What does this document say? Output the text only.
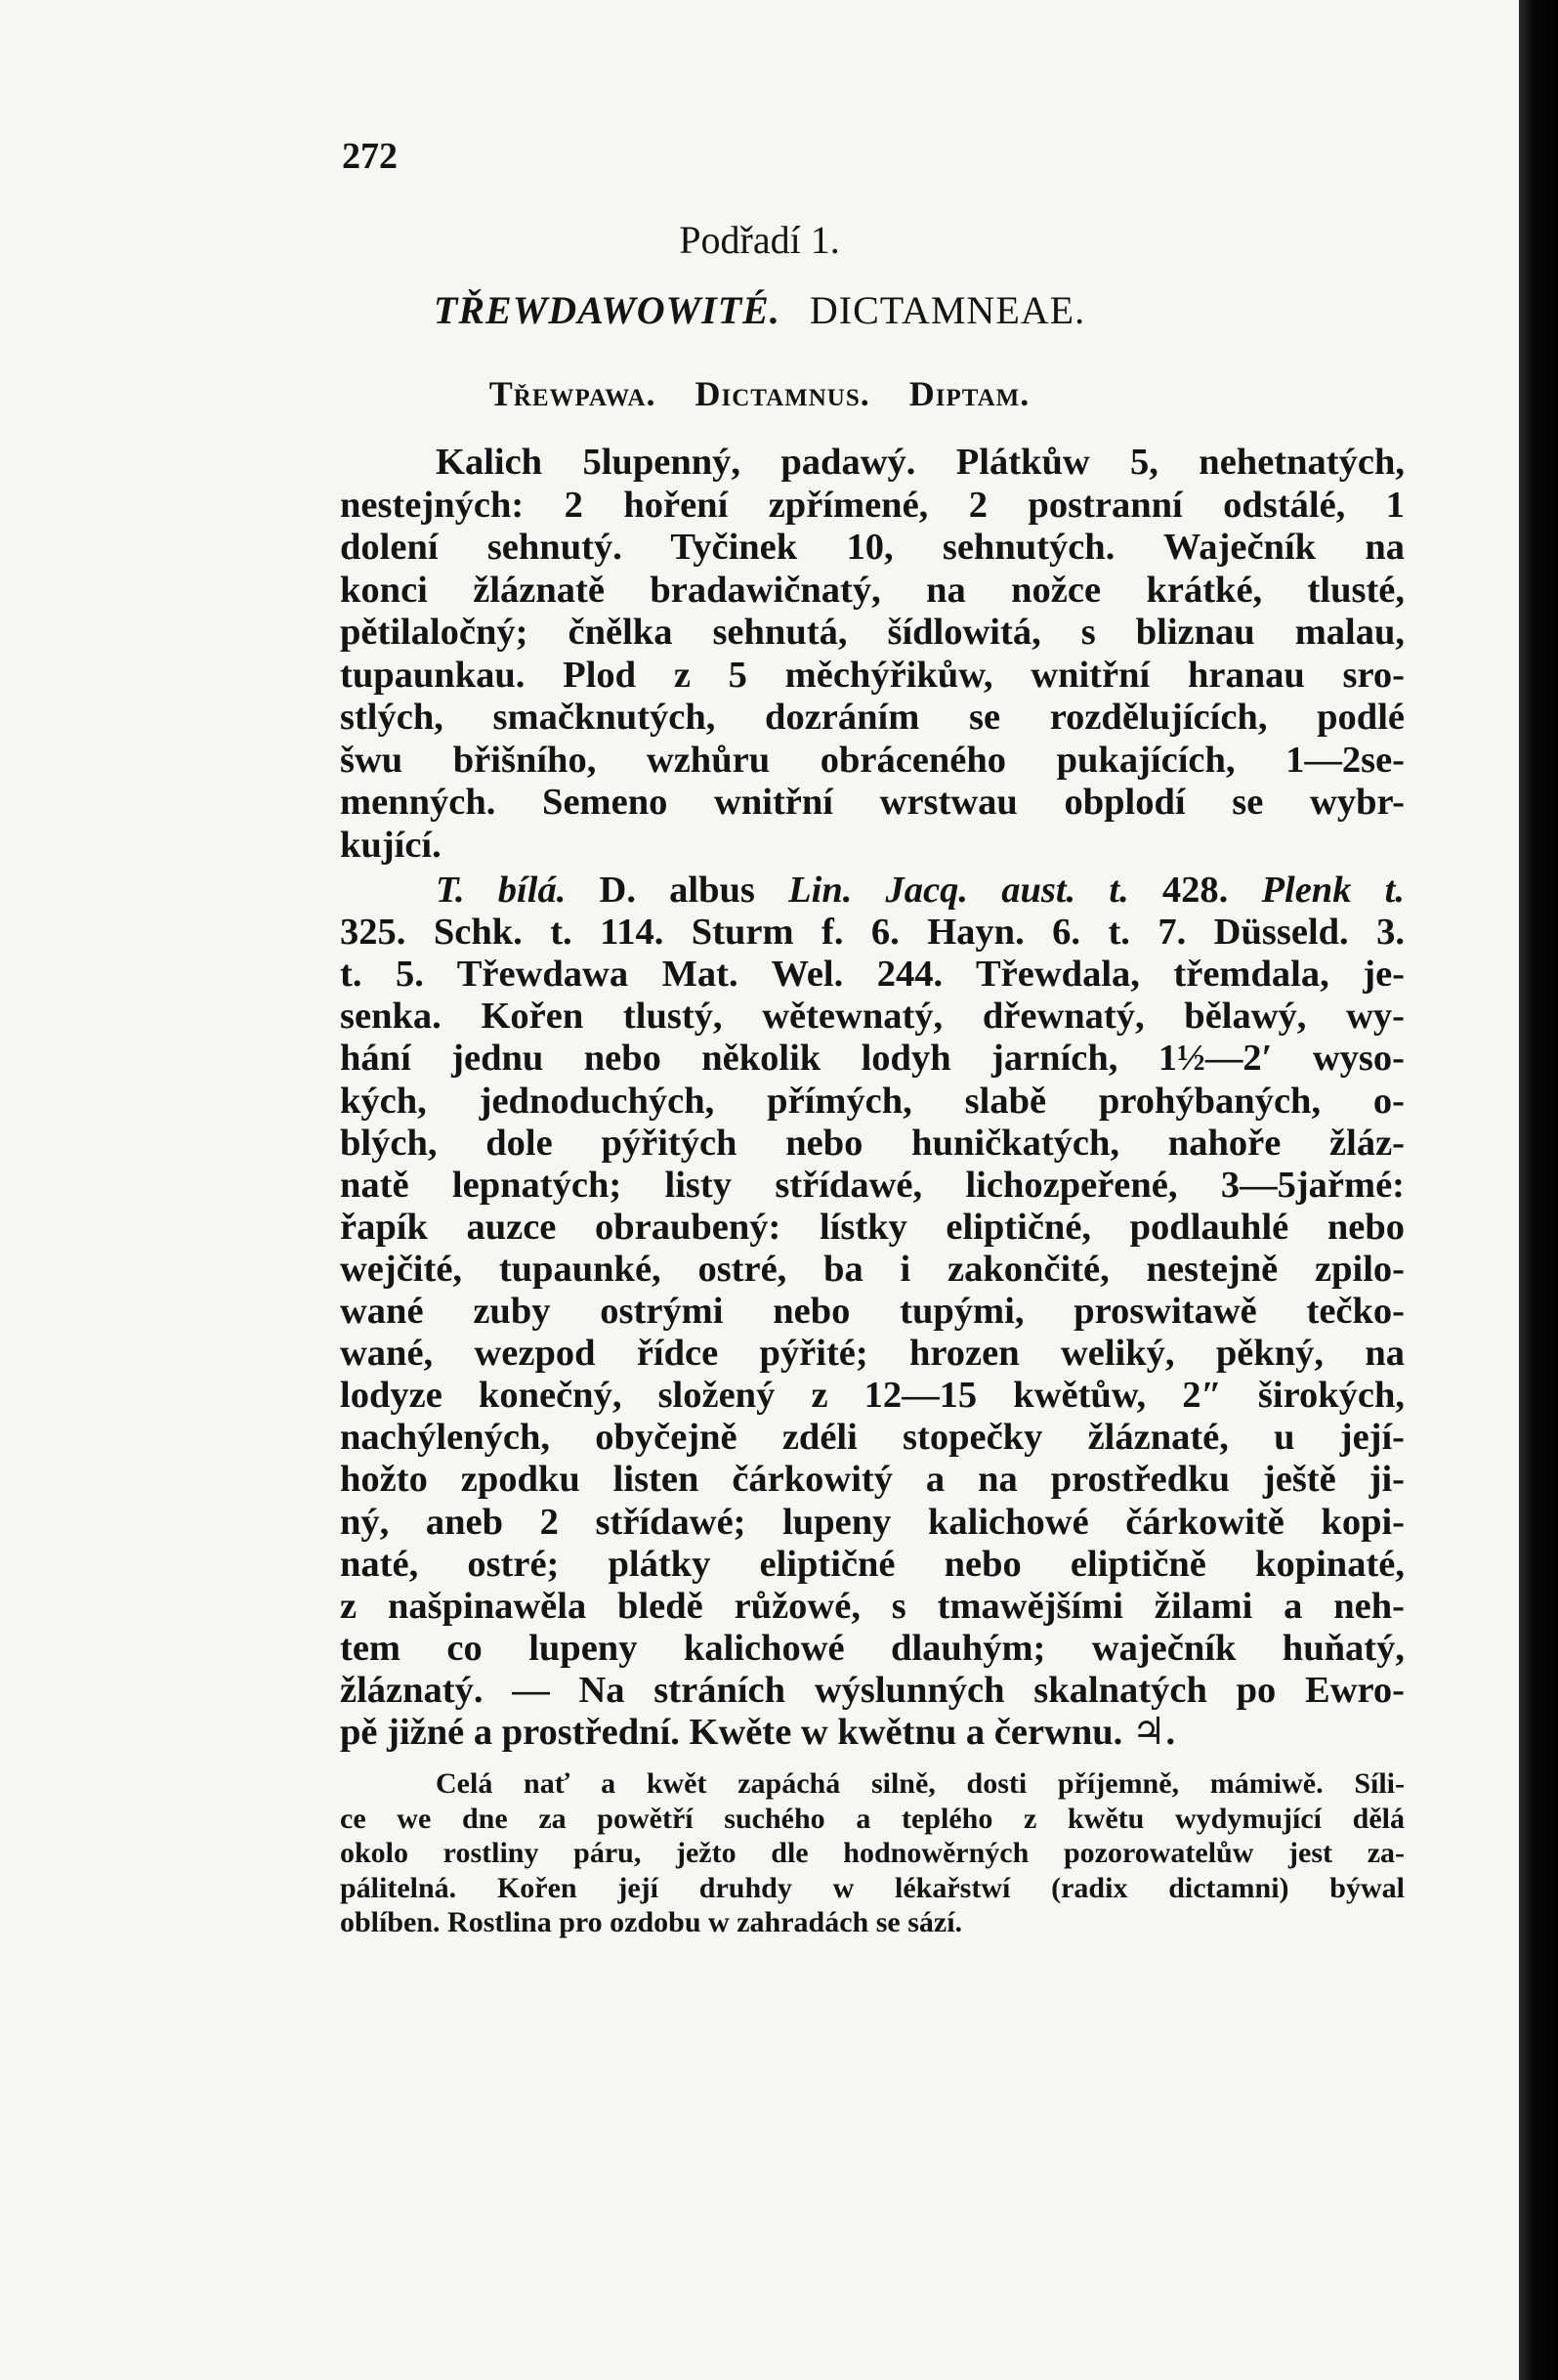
272
Podřadí 1.
TŘEWDAWOWITÉ. DICTAMNEAE.
Třewpawa. Dictamnus. Diptam.
Kalich 5lupenný, padawý. Plátkůw 5, nehetnatých,
nestejných: 2 hoření zpřímené, 2 postranní odstálé, 1
dolení sehnutý. Tyčinek 10, sehnutých. Waječník na
konci žláznatě bradawičnatý, na nožce krátké, tlusté,
pětilaločný; čnělka sehnutá, šídlowitá, s bliznau malau,
tupaunkau. Plod z 5 měchýřikůw, wnitřní hranau sro-
stlých, smačknutých, dozráním se rozdělujících, podlé
šwu břišního, wzhůru obráceného pukajících, 1—2se-
menných. Semeno wnitřní wrstwau obplodí se wybr-
kující.
T. bílá. D. albus Lin. Jacq. aust. t. 428. Plenk t.
325. Schk. t. 114. Sturm f. 6. Hayn. 6. t. 7. Düsseld. 3.
t. 5. Třewdawa Mat. Wel. 244. Třewdala, třemdala, je-
senka. Kořen tlustý, wětewnatý, dřewnatý, bělawý, wy-
hání jednu nebo několik lodyh jarních, 1½—2′ wyso-
kých, jednoduchých, přímých, slabě prohýbaných, o-
blých, dole pýřitých nebo huničkatých, nahoře žláz-
natě lepnatých; listy střídawé, lichozpeřené, 3—5jařmé:
řapík auzce obraubený: lístky eliptičné, podlauhlé nebo
wejčité, tupaunké, ostré, ba i zakončité, nestejně zpilo-
wané zuby ostrými nebo tupými, proswitawě tečko-
wané, wezpod řídce pýřité; hrozen weliký, pěkný, na
lodyze konečný, složený z 12—15 kwětůw, 2″ širokých,
nachýlených, obyčejně zdéli stopečky žláznaté, u její-
hožto zpodku listen čárkowitý a na prostředku ještě ji-
ný, aneb 2 střídawé; lupeny kalichowé čárkowitě kopi-
naté, ostré; plátky eliptičné nebo eliptičně kopinaté,
z našpinawěla bledě růžowé, s tmawějšími žilami a neh-
tem co lupeny kalichowé dlauhým; waječník huňatý,
žláznatý. — Na stráních wýslunných skalnatých po Ewro-
pě jižné a prostřední. Kwěte w kwětnu a čerwnu. ♃.
Celá nať a kwět zapáchá silně, dosti příjemně, mámiwě. Síli-
ce we dne za powětří suchého a teplého z kwětu wydymující dělá
okolo rostliny páru, ježto dle hodnowěrných pozorowatelůw jest za-
pálitelná. Kořen její druhdy w lékařstwí (radix dictamni) býwal
oblíben. Rostlina pro ozdobu w zahradách se sází.
